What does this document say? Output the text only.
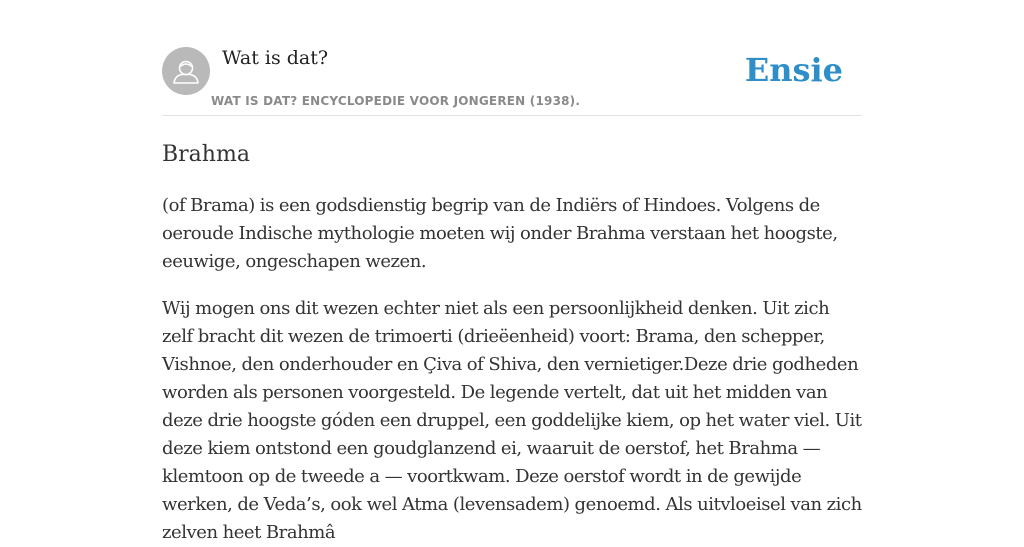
Wat is dat?
WAT IS DAT? ENCYCLOPEDIE VOOR JONGEREN (1938).
Ensie
Brahma

(of Brama) is een godsdienstig begrip van de Indiërs of Hindoes. Volgens de oeroude Indische mythologie moeten wij onder Brahma verstaan het hoogste, eeuwige, ongeschapen wezen.

Wij mogen ons dit wezen echter niet als een persoonlijkheid denken. Uit zich zelf bracht dit wezen de trimoerti (drieëenheid) voort: Brama, den schepper, Vishnoe, den onderhouder en Çiva of Shiva, den vernietiger.Deze drie godheden worden als personen voorgesteld. De legende vertelt, dat uit het midden van deze drie hoogste góden een druppel, een goddelijke kiem, op het water viel. Uit deze kiem ontstond een goudglanzend ei, waaruit de oerstof, het Brahma — klemtoon op de tweede a — voortkwam. Deze oerstof wordt in de gewijde werken, de Veda’s, ook wel Atma (levensadem) genoemd. Als uitvloeisel van zich zelven heet Brahmâ
